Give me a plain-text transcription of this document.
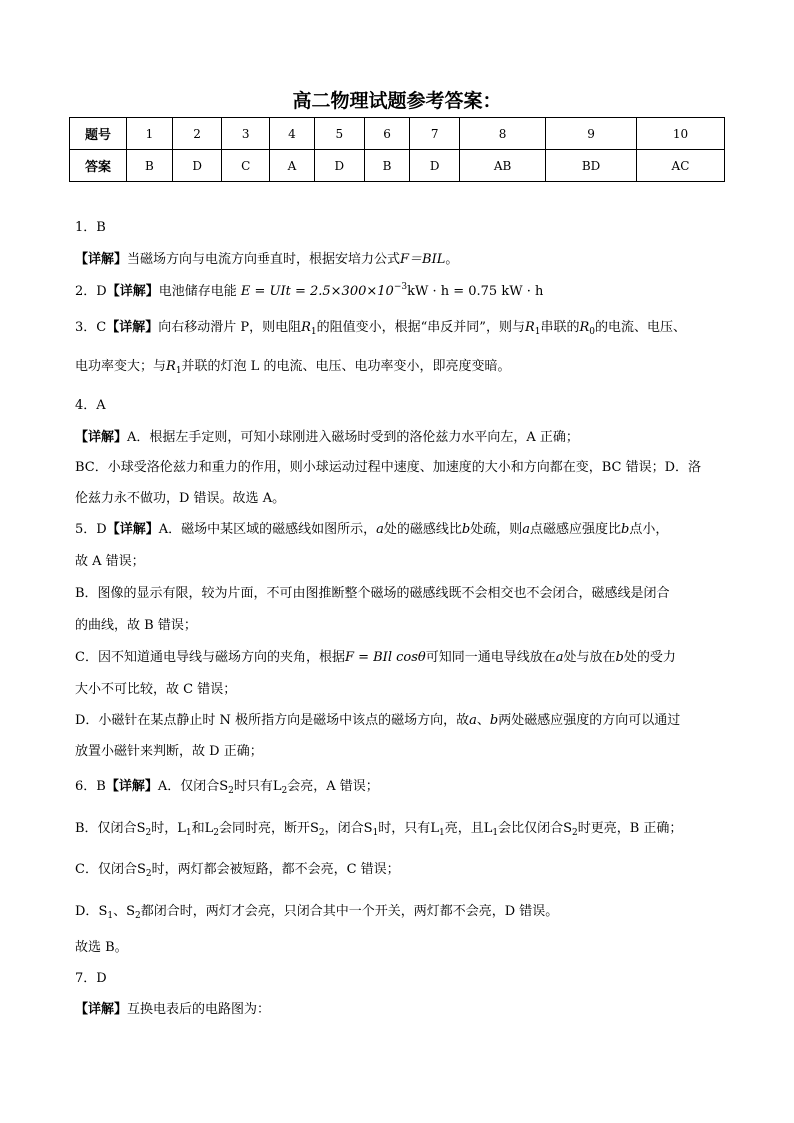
高二物理试题参考答案：
题号	1	2	3	4	5	6	7	8	9	10
答案	B	D	C	A	D	B	D	AB	BD	AC
1．B
【详解】当磁场方向与电流方向垂直时，根据安培力公式F＝BIL。
2．D【详解】电池储存电能 E = UIt = $2.5\times 300\times 10^{-3}kW \cdot h = 0.75$ kW · h
3．C【详解】向右移动滑片 P，则电阻$R_1$的阻值变小，根据“串反并同”，则与$R_1$串联的$R_0$的电流、电压、
电功率变大；与$R_1$并联的灯泡 L 的电流、电压、电功率变小，即亮度变暗。
4．A
【详解】A．根据左手定则，可知小球刚进入磁场时受到的洛伦兹力水平向左，A 正确；
BC．小球受洛伦兹力和重力的作用，则小球运动过程中速度、加速度的大小和方向都在变，BC 错误；D．洛
伦兹力永不做功，D 错误。故选 A。
5．D【详解】A．磁场中某区域的磁感线如图所示，a处的磁感线比b处疏，则a点磁感应强度比b点小，
故 A 错误；
B．图像的显示有限，较为片面，不可由图推断整个磁场的磁感线既不会相交也不会闭合，磁感线是闭合
的曲线，故 B 错误；
C．因不知道通电导线与磁场方向的夹角，根据F = BIl cosθ可知同一通电导线放在a处与放在b处的受力
大小不可比较，故 C 错误；
D．小磁针在某点静止时 N 极所指方向是磁场中该点的磁场方向，故a、b两处磁感应强度的方向可以通过
放置小磁针来判断，故 D 正确；
6．B【详解】A．仅闭合$S_2$时只有$L_2$会亮，A 错误；
B．仅闭合$S_2$时，$L_1$和$L_2$会同时亮，断开$S_2$，闭合$S_1$时，只有$L_1$亮，且$L_1$会比仅闭合$S_2$时更亮，B 正确；
C．仅闭合$S_2$时，两灯都会被短路，都不会亮，C 错误；
D．$S_1$、$S_2$都闭合时，两灯才会亮，只闭合其中一个开关，两灯都不会亮，D 错误。
故选 B。
7．D
【详解】互换电表后的电路图为：
